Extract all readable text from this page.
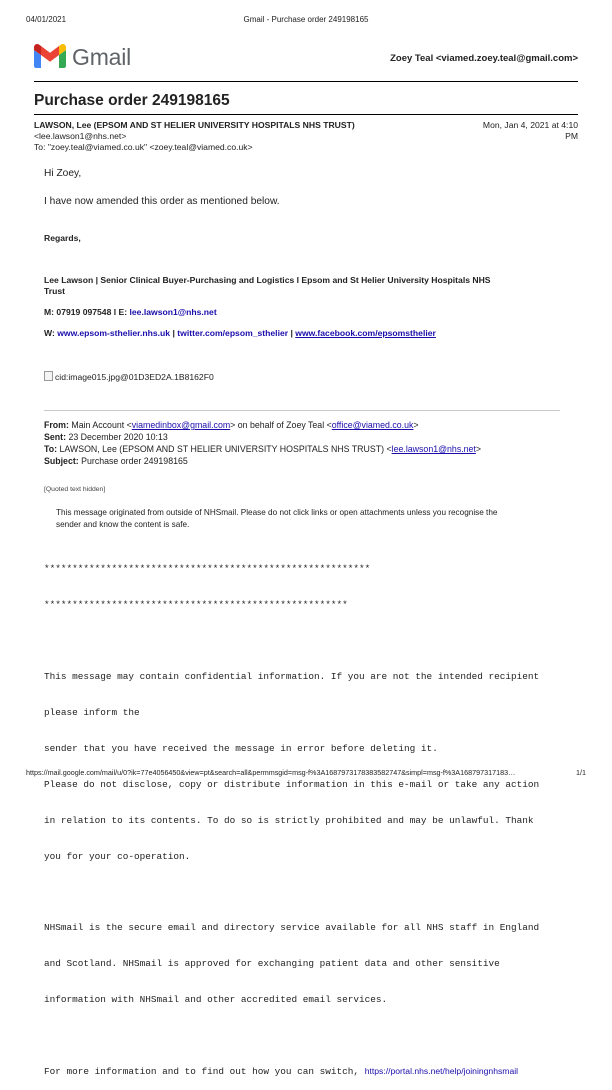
04/01/2021	Gmail - Purchase order 249198165
Gmail	Zoey Teal <viamed.zoey.teal@gmail.com>
Purchase order 249198165
LAWSON, Lee (EPSOM AND ST HELIER UNIVERSITY HOSPITALS NHS TRUST)
<lee.lawson1@nhs.net>
To: "zoey.teal@viamed.co.uk" <zoey.teal@viamed.co.uk>
Mon, Jan 4, 2021 at 4:10
PM
Hi Zoey,
I have now amended this order as mentioned below.
Regards,
Lee Lawson | Senior Clinical Buyer-Purchasing and Logistics l Epsom and St Helier University Hospitals NHS
Trust
M: 07919 097548 l E: lee.lawson1@nhs.net
W: www.epsom-sthelier.nhs.uk | twitter.com/epsom_sthelier | www.facebook.com/epsomsthelier
cid:image015.jpg@01D3ED2A.1B8162F0
From: Main Account <viamedinbox@gmail.com> on behalf of Zoey Teal <office@viamed.co.uk>
Sent: 23 December 2020 10:13
To: LAWSON, Lee (EPSOM AND ST HELIER UNIVERSITY HOSPITALS NHS TRUST) <lee.lawson1@nhs.net>
Subject: Purchase order 249198165
[Quoted text hidden]
This message originated from outside of NHSmail. Please do not click links or open attachments unless you recognise the
sender and know the content is safe.

**********************************************************

******************************************************

This message may contain confidential information. If you are not the intended recipient

please inform the

sender that you have received the message in error before deleting it.

Please do not disclose, copy or distribute information in this e-mail or take any action

in relation to its contents. To do so is strictly prohibited and may be unlawful. Thank

you for your co-operation.

NHSmail is the secure email and directory service available for all NHS staff in England

and Scotland. NHSmail is approved for exchanging patient data and other sensitive

information with NHSmail and other accredited email services.

For more information and to find out how you can switch, https://portal.nhs.net/help/joiningnhsmail

https://mail.google.com/mail/u/0?ik=77e4056450&view=pt&search=all&permmsgid=msg-f%3A1687973178383582747&simpl=msg-f%3A168797317183…	1/1
